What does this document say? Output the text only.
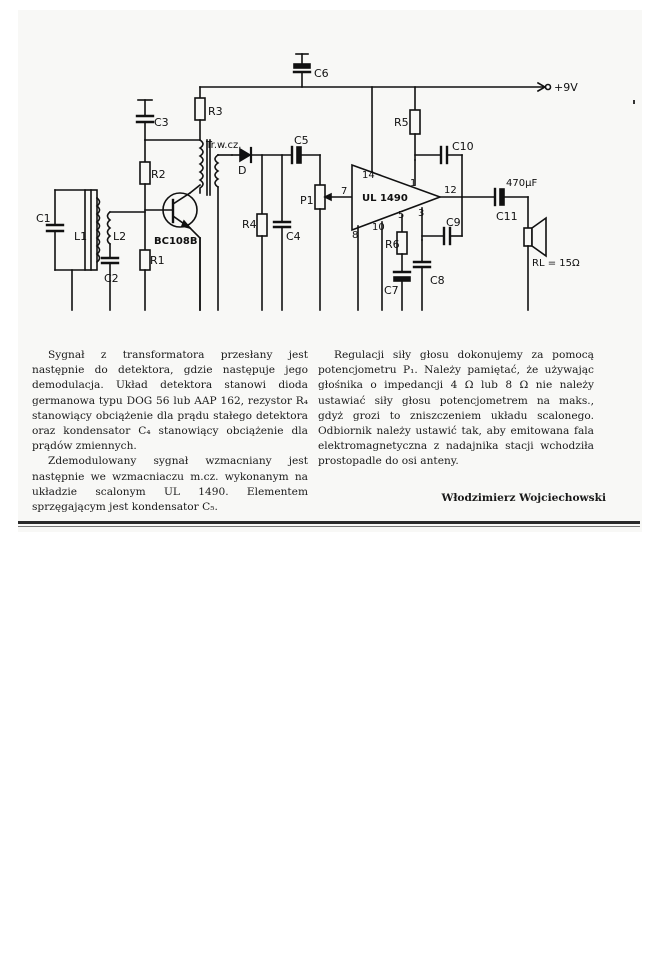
C6
+9V
R3
C3	R5
C10
C5
Tr.w.cz.
D
R2	14
1
7	12
470µF
UL 1490
P1
C1
L1 L2
R4
C4
C11
C9
5 3
8
10
R6
BC108B
R1
C2
RL = 15Ω
C7
C8

Sygnał z transformatora przesłany jest następnie do detektora, gdzie następuje jego demodulacja. Układ detektora stanowi dioda germanowa typu DOG 56 lub AAP 162, rezystor R₄ stanowiący obciążenie dla prądu stałego detektora oraz kondensator C₄ stanowiący obciążenie dla prądów zmiennych.

Zdemodulowany sygnał wzmacniany jest następnie we wzmacniaczu m.cz. wykonanym na układzie scalonym UL 1490. Elementem sprzęgającym jest kondensator C₅.

Regulacji siły głosu dokonujemy za pomocą potencjometru P₁. Należy pamiętać, że używając głośnika o impedancji 4 Ω lub 8 Ω nie należy ustawiać siły głosu potencjometrem na maks., gdyż grozi to zniszczeniem układu scalonego. Odbiornik należy ustawić tak, aby emitowana fala elektromagnetyczna z nadajnika stacji wchodziła prostopadle do osi anteny.

Włodzimierz Wojciechowski
